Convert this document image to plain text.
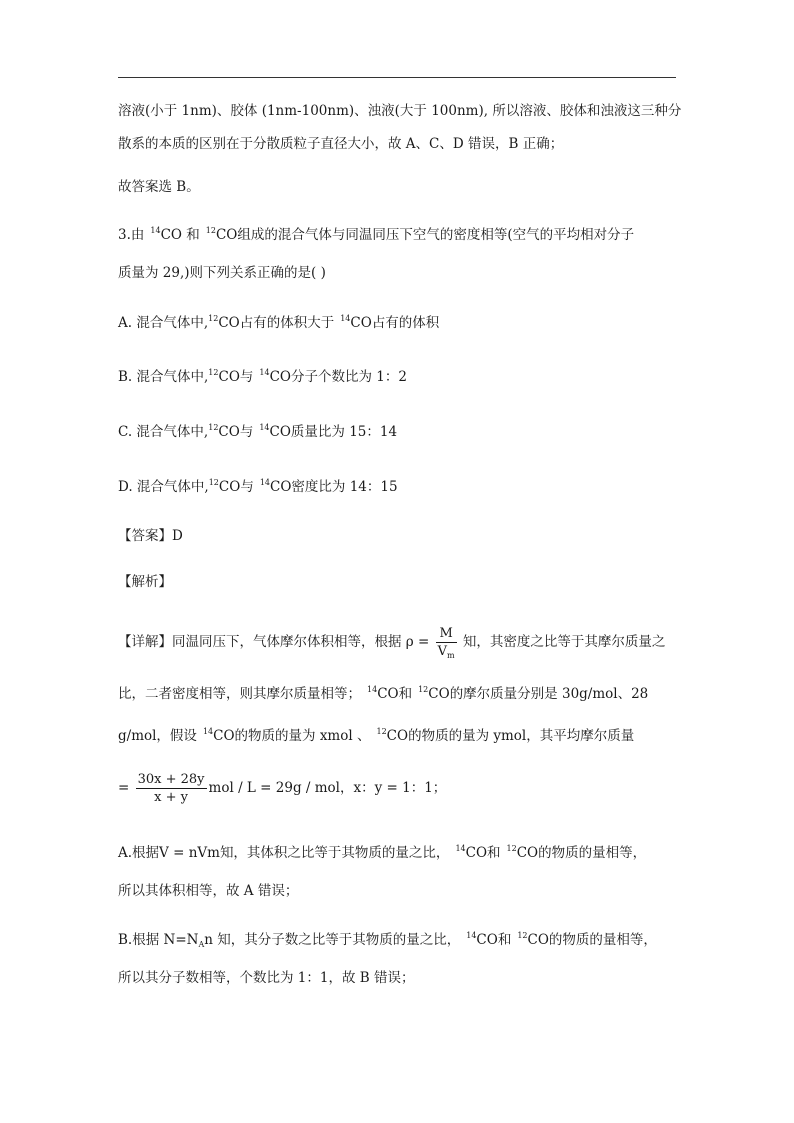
溶液(小于 1nm)、胶体 (1nm-100nm)、浊液(大于 100nm), 所以溶液、胶体和浊液这三种分
散系的本质的区别在于分散质粒子直径大小，故 A、C、D 错误，B 正确；
故答案选 B。
3.由 $^{14}$CO 和 $^{12}$CO组成的混合气体与同温同压下空气的密度相等(空气的平均相对分子
质量为 29,)则下列关系正确的是( )
A. 混合气体中,$^{12}$CO占有的体积大于 $^{14}$CO占有的体积
B. 混合气体中,$^{12}$CO与 $^{14}$CO分子个数比为 1：2
C. 混合气体中,$^{12}$CO与 $^{14}$CO质量比为 15：14
D. 混合气体中,$^{12}$CO与 $^{14}$CO密度比为 14：15
【答案】D
【解析】
【详解】同温同压下，气体摩尔体积相等，根据 $\rho = \frac{M}{V_m}$ 知，其密度之比等于其摩尔质量之
比，二者密度相等，则其摩尔质量相等； $^{14}$CO和 $^{12}$CO的摩尔质量分别是 30g/mol、28
g/mol，假设 $^{14}$CO的物质的量为 xmol 、 $^{12}$CO的物质的量为 ymol，其平均摩尔质量
= $\frac{30x + 28y}{x + y}$ mol / L = 29g / mol，x：y = 1：1；
A.根据V = nVm知，其体积之比等于其物质的量之比， $^{14}$CO和 $^{12}$CO的物质的量相等，
所以其体积相等，故 A 错误；
B.根据 $N=N_An$ 知，其分子数之比等于其物质的量之比， $^{14}$CO和 $^{12}$CO的物质的量相等，
所以其分子数相等，个数比为 1：1，故 B 错误；
